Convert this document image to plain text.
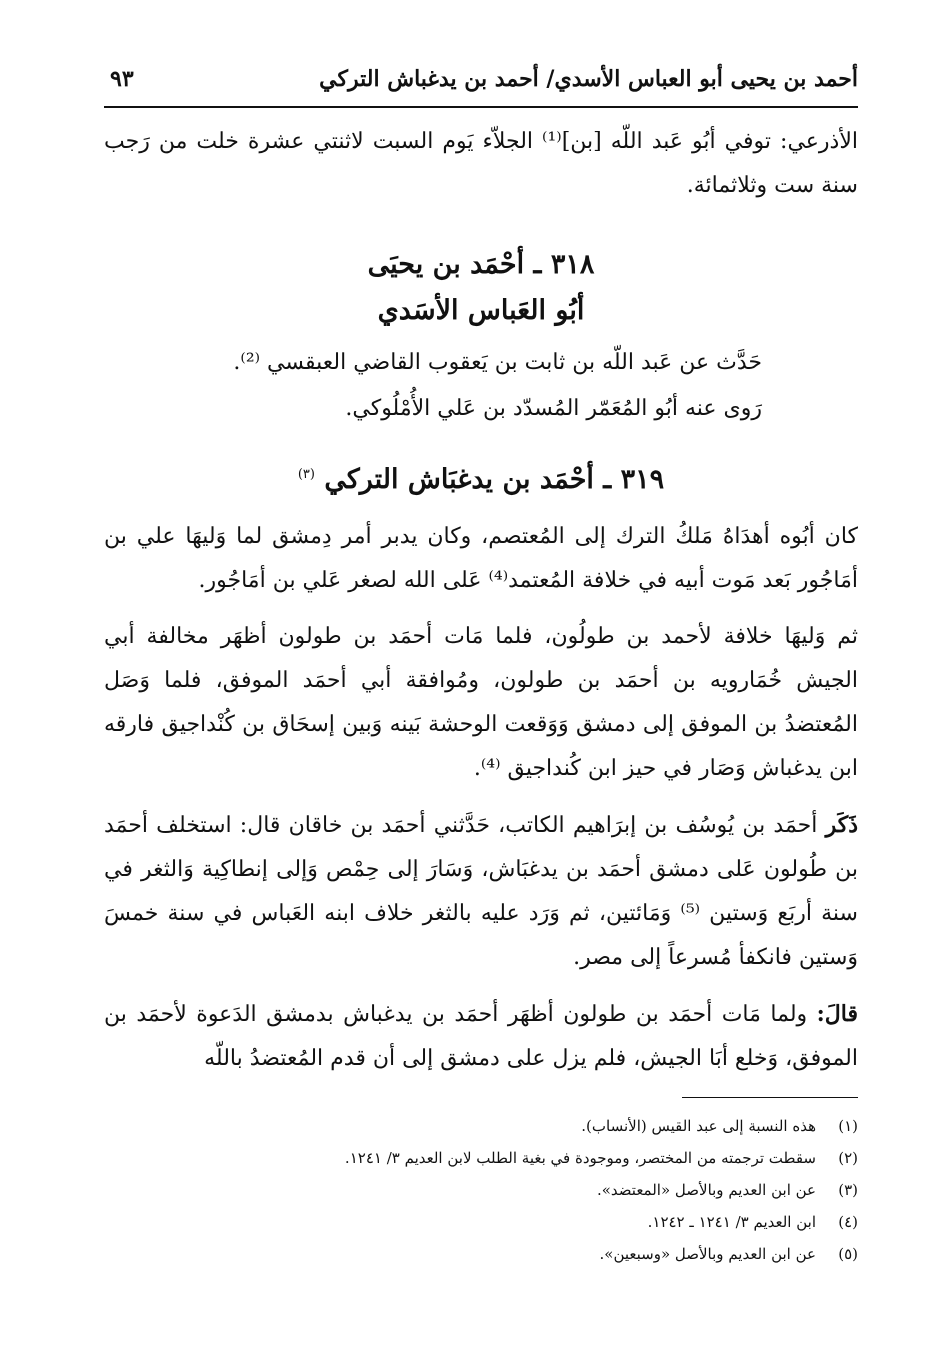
أحمد بن يحيى أبو العباس الأسدي/ أحمد بن يدغباش التركي
٩٣

الأذرعي: توفي أبُو عَبد اللّه [بن]⁽¹⁾ الجلاّء يَوم السبت لاثنتي عشرة خلت من رَجب سنة ست وثلاثمائة.

٣١٨ ـ أحْمَد بن يحيَى
أبُو العَباس الأسَدي

حَدَّث عن عَبد اللّه بن ثابت بن يَعقوب القاضي العبقسي ⁽²⁾.

رَوى عنه أبُو المُعَمّر المُسدّد بن عَلي الأُمْلُوكي.

٣١٩ ـ أحْمَد بن يدغبَاش التركي $^{(٣)}$

كان أبُوه أهدَاهُ مَلكُ الترك إلى المُعتصم، وكان يدبر أمر دِمشق لما وَليهَا علي بن أمَاجُور بَعد مَوت أبيه في خلافة المُعتمد⁽⁴⁾ عَلى الله لصغر عَلي بن أمَاجُور.

ثم وَليهَا خلافة لأحمد بن طولُون، فلما مَات أحمَد بن طولون أظهَر مخالفة أبي الجيش خُمَارويه بن أحمَد بن طولون، ومُوافقة أبي أحمَد الموفق، فلما وَصَل المُعتضدُ بن الموفق إلى دمشق وَوَقعت الوحشة بَينه وَبين إسحَاق بن كُنْداجيق فارقه ابن يدغباش وَصَار في حيز ابن كُنداجيق ⁽⁴⁾.

ذَكَر أحمَد بن يُوسُف بن إبرَاهيم الكاتب، حَدَّثني أحمَد بن خاقان قال: استخلف أحمَد بن طُولون عَلى دمشق أحمَد بن يدغبَاش، وَسَارَ إلى حِمْص وَإلى إنطاكِية وَالثغر في سنة أربَع وَستين ⁽⁵⁾ وَمَائتين، ثم وَرَد عليه بالثغر خلاف ابنه العَباس في سنة خمسَ وَستين فانكفأ مُسرعاً إلى مصر.

قالَ: ولما مَات أحمَد بن طولون أظهَر أحمَد بن يدغباش بدمشق الدَعوة لأحمَد بن الموفق، وَخلع أبَا الجيش، فلم يزل على دمشق إلى أن قدم المُعتضدُ باللّه

(١)هذه النسبة إلى عبد القيس (الأنساب).
(٢)سقطت ترجمته من المختصر، وموجودة في بغية الطلب لابن العديم ٣/ ١٢٤١.
(٣)عن ابن العديم وبالأصل «المعتضد».
(٤)ابن العديم ٣/ ١٢٤١ ـ ١٢٤٢.
(٥)عن ابن العديم وبالأصل «وسبعين».
